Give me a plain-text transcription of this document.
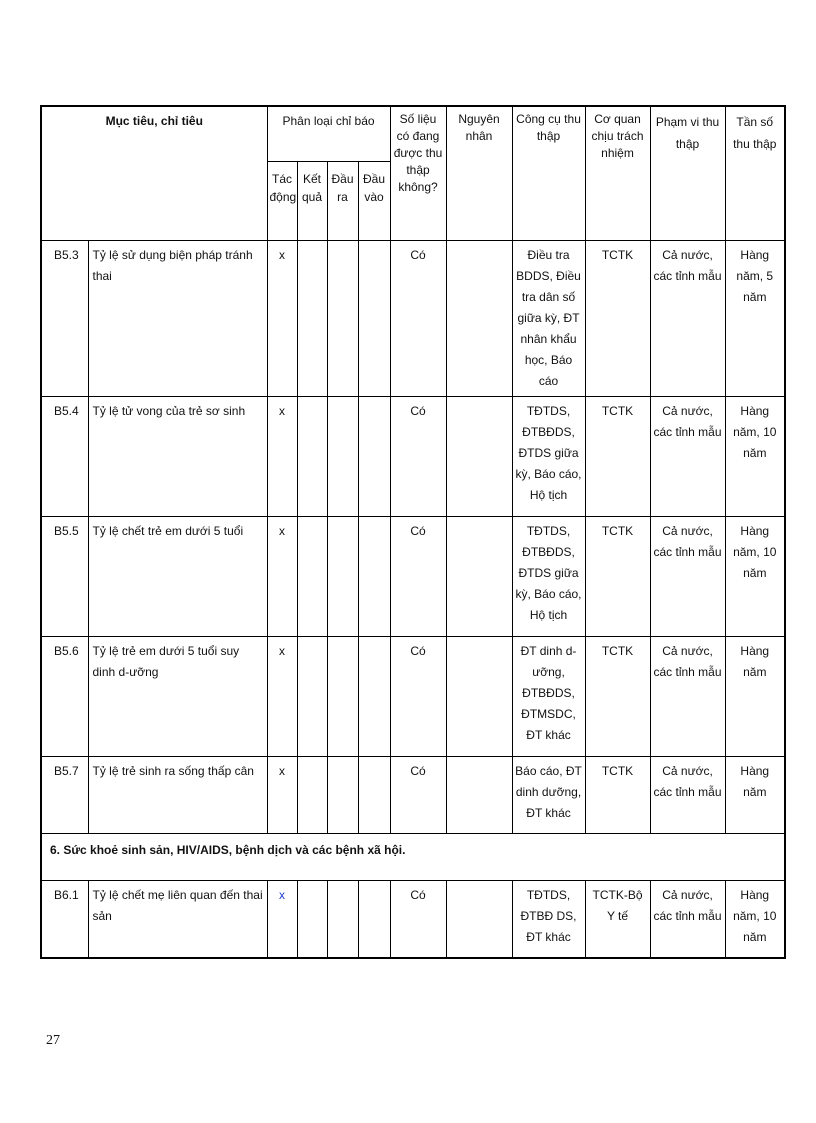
Mục tiêu, chỉ tiêu		Phân loại chỉ báo				Số liệu có đang được thu thập không?	Nguyên nhân	Công cụ thu thập	Cơ quan chịu trách nhiệm	Phạm vi thu thập	Tần số thu thập
		Tác động	Kết quả	Đầu ra	Đầu vào						
B5.3	Tỷ lệ sử dụng biện pháp tránh thai	x				Có		Điều tra BDDS, Điều tra dân số giữa kỳ, ĐT nhân khẩu học, Báo cáo	TCTK	Cả nước, các tỉnh mẫu	Hàng năm, 5 năm
B5.4	Tỷ lệ tử vong của trẻ sơ sinh	x				Có		TĐTDS, ĐTBĐDS, ĐTDS giữa kỳ, Báo cáo, Hộ tịch	TCTK	Cả nước, các tỉnh mẫu	Hàng năm, 10 năm
B5.5	Tỷ lệ chết trẻ em dưới 5 tuổi	x				Có		TĐTDS, ĐTBĐDS, ĐTDS giữa kỳ, Báo cáo, Hộ tịch	TCTK	Cả nước, các tỉnh mẫu	Hàng năm, 10 năm
B5.6	Tỷ lệ trẻ em dưới 5 tuổi suy dinh d-ưỡng	x				Có		ĐT dinh d-ưỡng, ĐTBĐDS, ĐTMSDC, ĐT khác	TCTK	Cả nước, các tỉnh mẫu	Hàng năm
B5.7	Tỷ lệ trẻ sinh ra sống thấp cân	x				Có		Báo cáo, ĐT dinh dưỡng, ĐT khác	TCTK	Cả nước, các tỉnh mẫu	Hàng năm
6. Sức khoẻ sinh sản, HIV/AIDS, bệnh dịch và các bệnh xã hội.											
B6.1	Tỷ lệ chết mẹ liên quan đến thai sản	x				Có		TĐTDS, ĐTBĐ DS, ĐT khác	TCTK-Bộ Y tế	Cả nước, các tỉnh mẫu	Hàng năm, 10 năm
27
